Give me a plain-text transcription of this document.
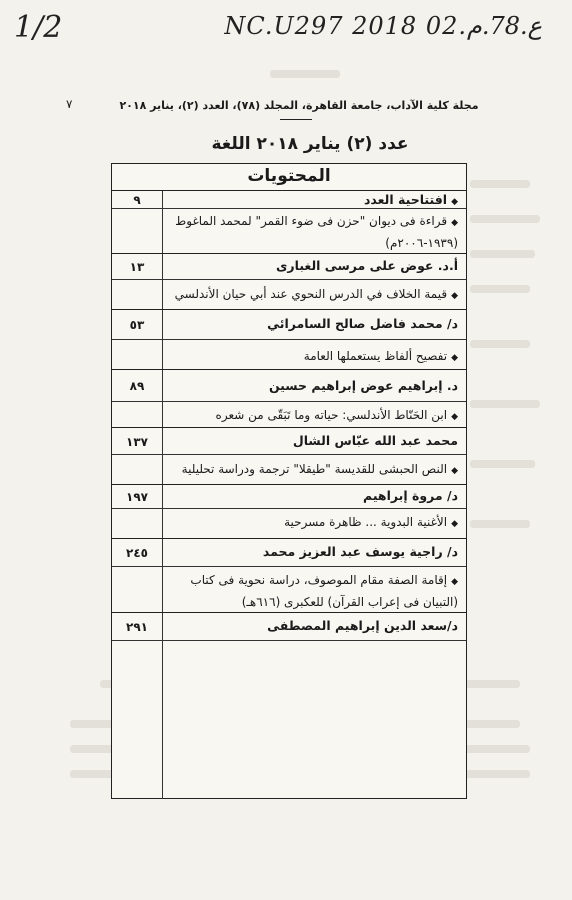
1/2	NC.U297 2018 02.ع.78.م
٧	مجلة كلية الآداب، جامعة القاهرة، المجلد (٧٨)، العدد (٢)، يناير ٢٠١٨
عدد (٢) يناير ٢٠١٨ اللغة
المحتويات
٩	◆افتتاحية العدد
◆قراءة فى ديوان "حزن فى ضوء القمر" لمحمد الماغوط (١٩٣٩-٢٠٠٦م)
١٣	أ.د. عوض على مرسى الغبارى
◆قيمة الخلاف في الدرس النحوي عند أبي حيان الأندلسي
٥٣	د/ محمد فاضل صالح السامرائي
◆تفصيح ألفاظ يستعملها العامة
٨٩	د. إبراهيم عوض إبراهيم حسين
◆ابن الحَنّاط الأندلسي: حياته وما تَبَقّى من شعره
١٣٧	محمد عبد الله عبّاس الشال
◆النص الحبشى للقديسة "طيقلا" ترجمة ودراسة تحليلية
١٩٧	د/ مروة إبراهيم
◆الأغنية البدوية ... ظاهرة مسرحية
٢٤٥	د/ راجية يوسف عبد العزيز محمد
◆إقامة الصفة مقام الموصوف، دراسة نحوية فى كتاب (التبيان فى إعراب القرآن) للعكبرى (٦١٦هـ)
٢٩١	د/سعد الدين إبراهيم المصطفى
